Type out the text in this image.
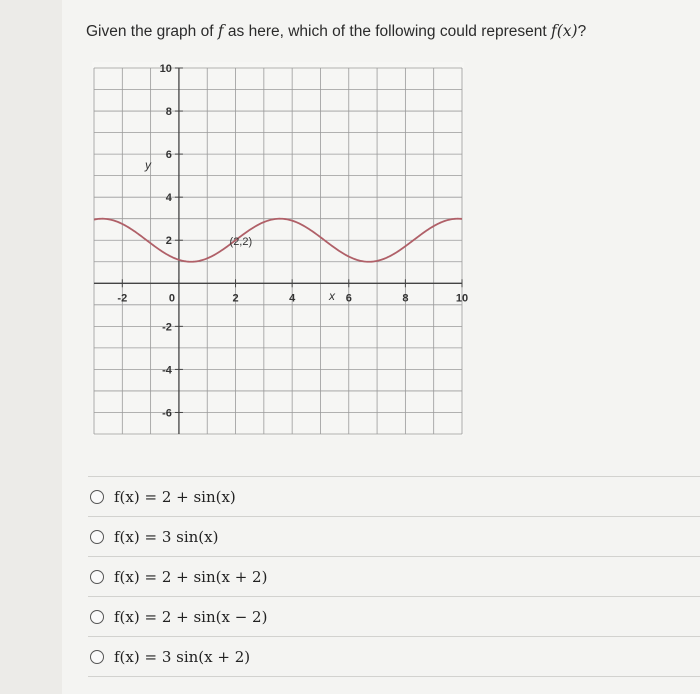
Given the graph of f as here, which of the following could represent f(x)?
-2	0	2	4	6	8	10
-6
-4
-2
2
4
6
8
10
x
y
(2,2)
f(x) = 2 + sin(x)
f(x) = 3 sin(x)
f(x) = 2 + sin(x + 2)
f(x) = 2 + sin(x − 2)
f(x) = 3 sin(x + 2)
